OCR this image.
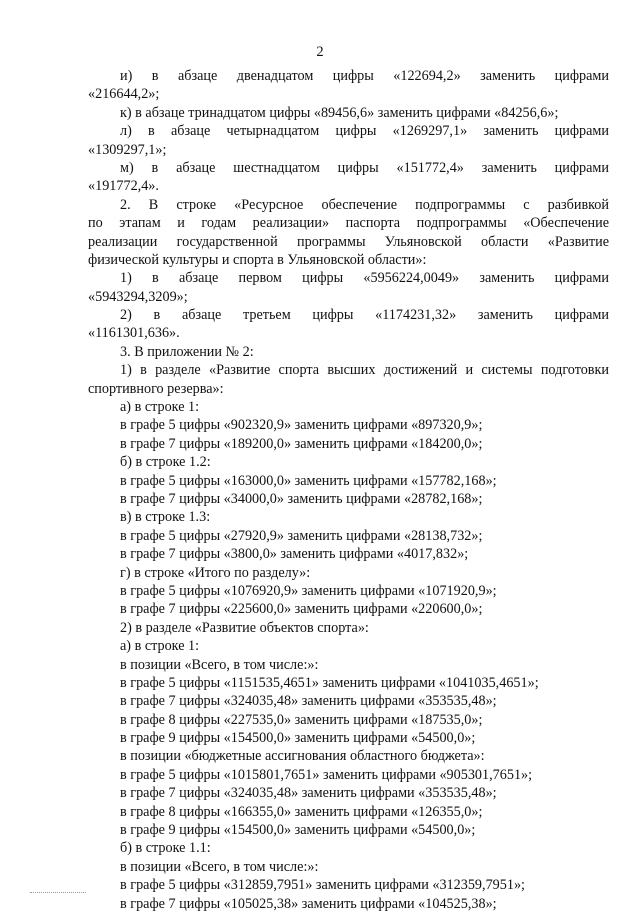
2
и) в абзаце двенадцатом цифры «122694,2» заменить цифрами
«216644,2»;
к) в абзаце тринадцатом цифры «89456,6» заменить цифрами «84256,6»;
л) в абзаце четырнадцатом цифры «1269297,1» заменить цифрами
«1309297,1»;
м) в абзаце шестнадцатом цифры «151772,4» заменить цифрами
«191772,4».
2. В строке «Ресурсное обеспечение подпрограммы с разбивкой
по этапам и годам реализации» паспорта подпрограммы «Обеспечение
реализации государственной программы Ульяновской области «Развитие
физической культуры и спорта в Ульяновской области»:
1) в абзаце первом цифры «5956224,0049» заменить цифрами
«5943294,3209»;
2) в абзаце третьем цифры «1174231,32» заменить цифрами
«1161301,636».
3. В приложении № 2:
1) в разделе «Развитие спорта высших достижений и системы подготовки
спортивного резерва»:
а) в строке 1:
в графе 5 цифры «902320,9» заменить цифрами «897320,9»;
в графе 7 цифры «189200,0» заменить цифрами «184200,0»;
б) в строке 1.2:
в графе 5 цифры «163000,0» заменить цифрами «157782,168»;
в графе 7 цифры «34000,0» заменить цифрами «28782,168»;
в) в строке 1.3:
в графе 5 цифры «27920,9» заменить цифрами «28138,732»;
в графе 7 цифры «3800,0» заменить цифрами «4017,832»;
г) в строке «Итого по разделу»:
в графе 5 цифры «1076920,9» заменить цифрами «1071920,9»;
в графе 7 цифры «225600,0» заменить цифрами «220600,0»;
2) в разделе «Развитие объектов спорта»:
а) в строке 1:
в позиции «Всего, в том числе:»:
в графе 5 цифры «1151535,4651» заменить цифрами «1041035,4651»;
в графе 7 цифры «324035,48» заменить цифрами «353535,48»;
в графе 8 цифры «227535,0» заменить цифрами «187535,0»;
в графе 9 цифры «154500,0» заменить цифрами «54500,0»;
в позиции «бюджетные ассигнования областного бюджета»:
в графе 5 цифры «1015801,7651» заменить цифрами «905301,7651»;
в графе 7 цифры «324035,48» заменить цифрами «353535,48»;
в графе 8 цифры «166355,0» заменить цифрами «126355,0»;
в графе 9 цифры «154500,0» заменить цифрами «54500,0»;
б) в строке 1.1:
в позиции «Всего, в том числе:»:
в графе 5 цифры «312859,7951» заменить цифрами «312359,7951»;
в графе 7 цифры «105025,38» заменить цифрами «104525,38»;
